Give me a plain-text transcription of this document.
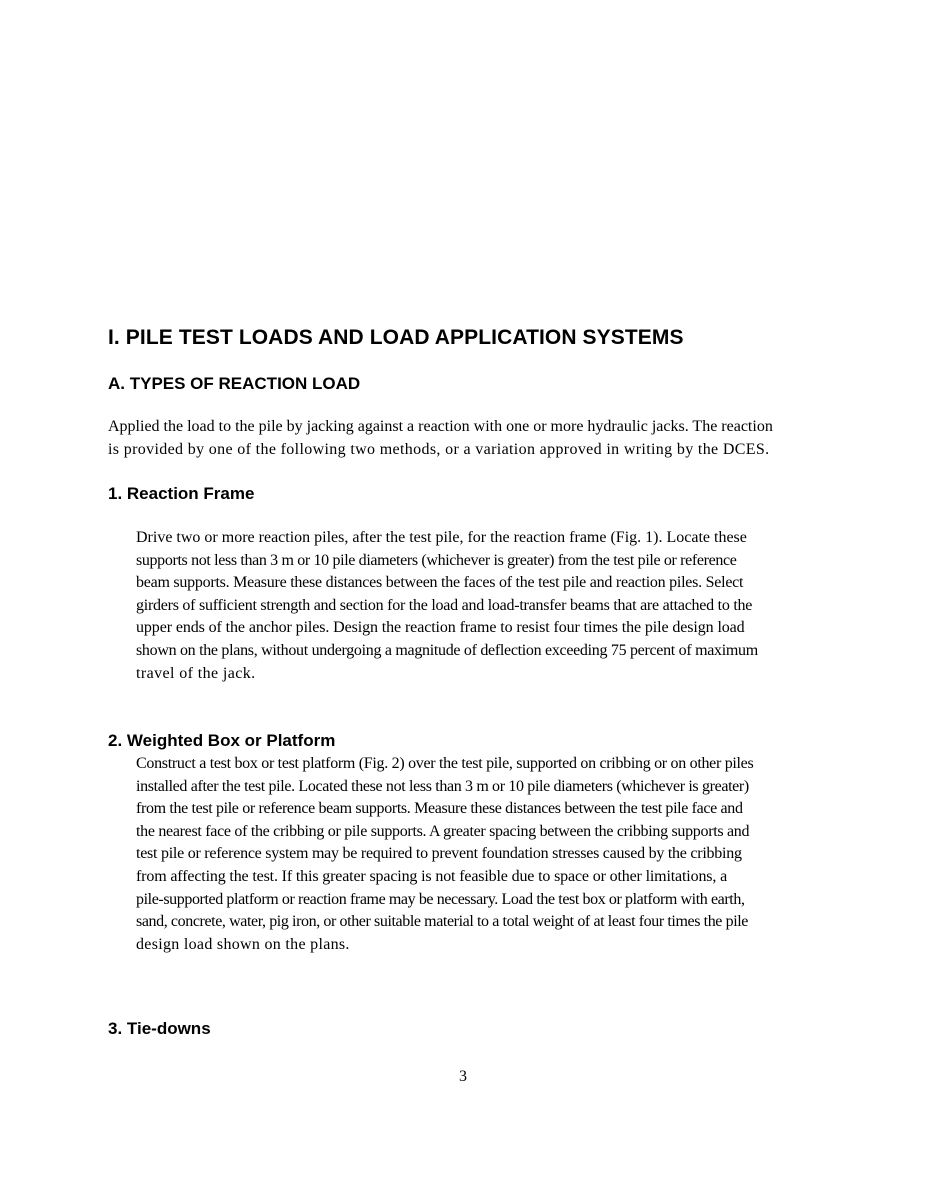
I. PILE TEST LOADS AND LOAD APPLICATION SYSTEMS
A. TYPES OF REACTION LOAD

Applied the load to the pile by jacking against a reaction with one or more hydraulic jacks. The reaction
is provided by one of the following two methods, or a variation approved in writing by the DCES.

1. Reaction Frame

Drive two or more reaction piles, after the test pile, for the reaction frame (Fig. 1). Locate these
supports not less than 3 m or 10 pile diameters (whichever is greater) from the test pile or reference
beam supports. Measure these distances between the faces of the test pile and reaction piles. Select
girders of sufficient strength and section for the load and load-transfer beams that are attached to the
upper ends of the anchor piles. Design the reaction frame to resist four times the pile design load
shown on the plans, without undergoing a magnitude of deflection exceeding 75 percent of maximum
travel of the jack.

2. Weighted Box or Platform

Construct a test box or test platform (Fig. 2) over the test pile, supported on cribbing or on other piles
installed after the test pile. Located these not less than 3 m or 10 pile diameters (whichever is greater)
from the test pile or reference beam supports. Measure these distances between the test pile face and
the nearest face of the cribbing or pile supports. A greater spacing between the cribbing supports and
test pile or reference system may be required to prevent foundation stresses caused by the cribbing
from affecting the test. If this greater spacing is not feasible due to space or other limitations, a
pile-supported platform or reaction frame may be necessary. Load the test box or platform with earth,
sand, concrete, water, pig iron, or other suitable material to a total weight of at least four times the pile
design load shown on the plans.

3. Tie-downs
3
